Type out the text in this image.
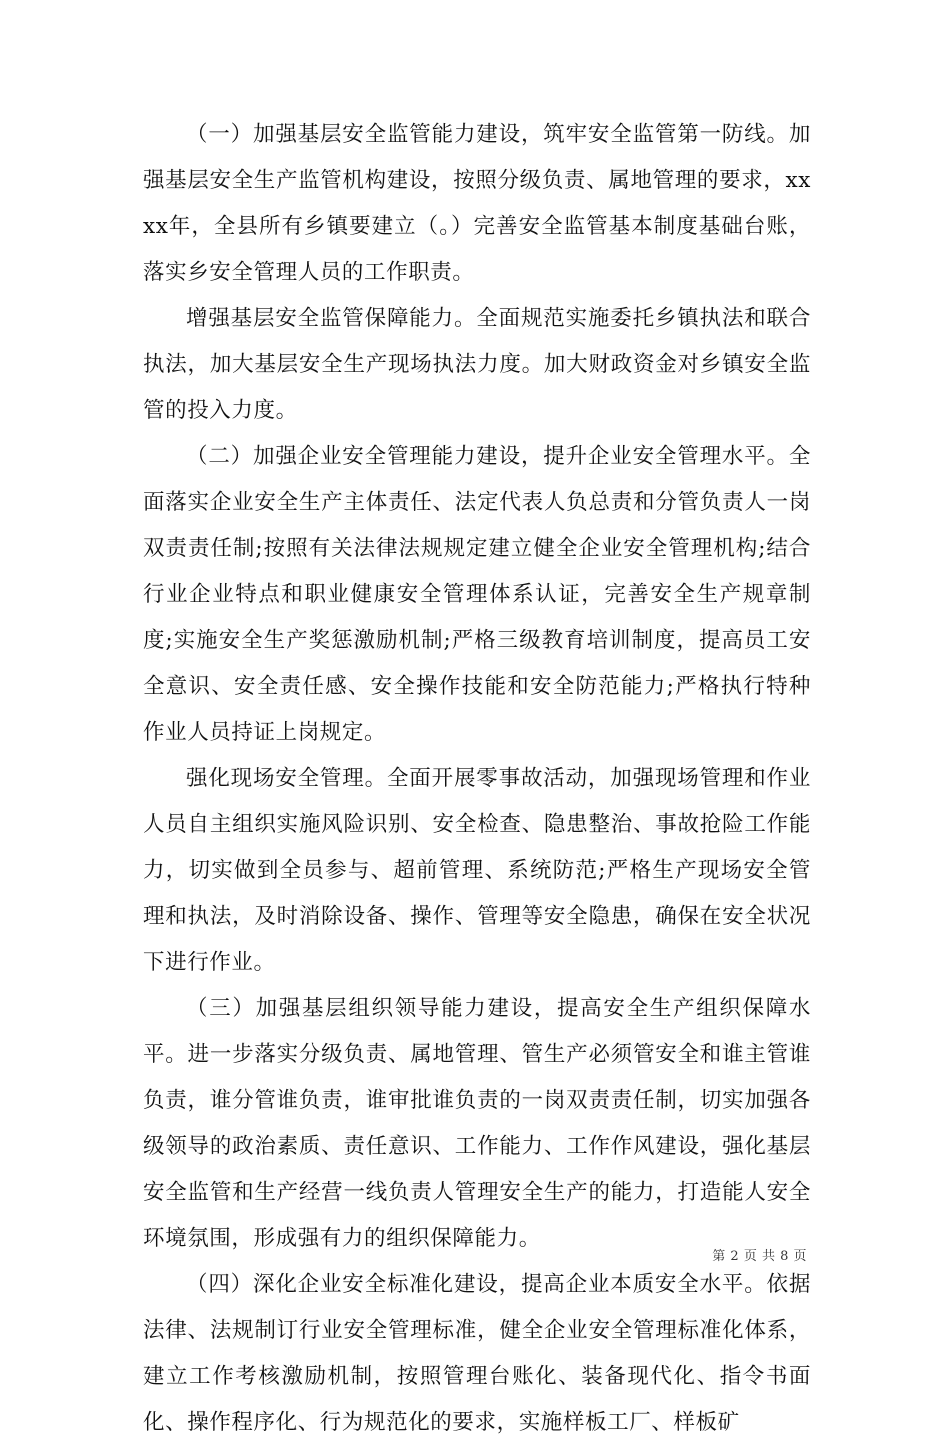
（一）加强基层安全监管能力建设，筑牢安全监管第一防线。加强基层安全生产监管机构建设，按照分级负责、属地管理的要求，xxxx年，全县所有乡镇要建立（。）完善安全监管基本制度基础台账，落实乡安全管理人员的工作职责。

增强基层安全监管保障能力。全面规范实施委托乡镇执法和联合执法，加大基层安全生产现场执法力度。加大财政资金对乡镇安全监管的投入力度。

（二）加强企业安全管理能力建设，提升企业安全管理水平。全面落实企业安全生产主体责任、法定代表人负总责和分管负责人一岗双责责任制;按照有关法律法规规定建立健全企业安全管理机构;结合行业企业特点和职业健康安全管理体系认证，完善安全生产规章制度;实施安全生产奖惩激励机制;严格三级教育培训制度，提高员工安全意识、安全责任感、安全操作技能和安全防范能力;严格执行特种作业人员持证上岗规定。

强化现场安全管理。全面开展零事故活动，加强现场管理和作业人员自主组织实施风险识别、安全检查、隐患整治、事故抢险工作能力，切实做到全员参与、超前管理、系统防范;严格生产现场安全管理和执法，及时消除设备、操作、管理等安全隐患，确保在安全状况下进行作业。

（三）加强基层组织领导能力建设，提高安全生产组织保障水平。进一步落实分级负责、属地管理、管生产必须管安全和谁主管谁负责，谁分管谁负责，谁审批谁负责的一岗双责责任制，切实加强各级领导的政治素质、责任意识、工作能力、工作作风建设，强化基层安全监管和生产经营一线负责人管理安全生产的能力，打造能人安全环境氛围，形成强有力的组织保障能力。

（四）深化企业安全标准化建设，提高企业本质安全水平。依据法律、法规制订行业安全管理标准，健全企业安全管理标准化体系，建立工作考核激励机制，按照管理台账化、装备现代化、指令书面化、操作程序化、行为规范化的要求，实施样板工厂、样板矿

第 2 页 共 8 页
